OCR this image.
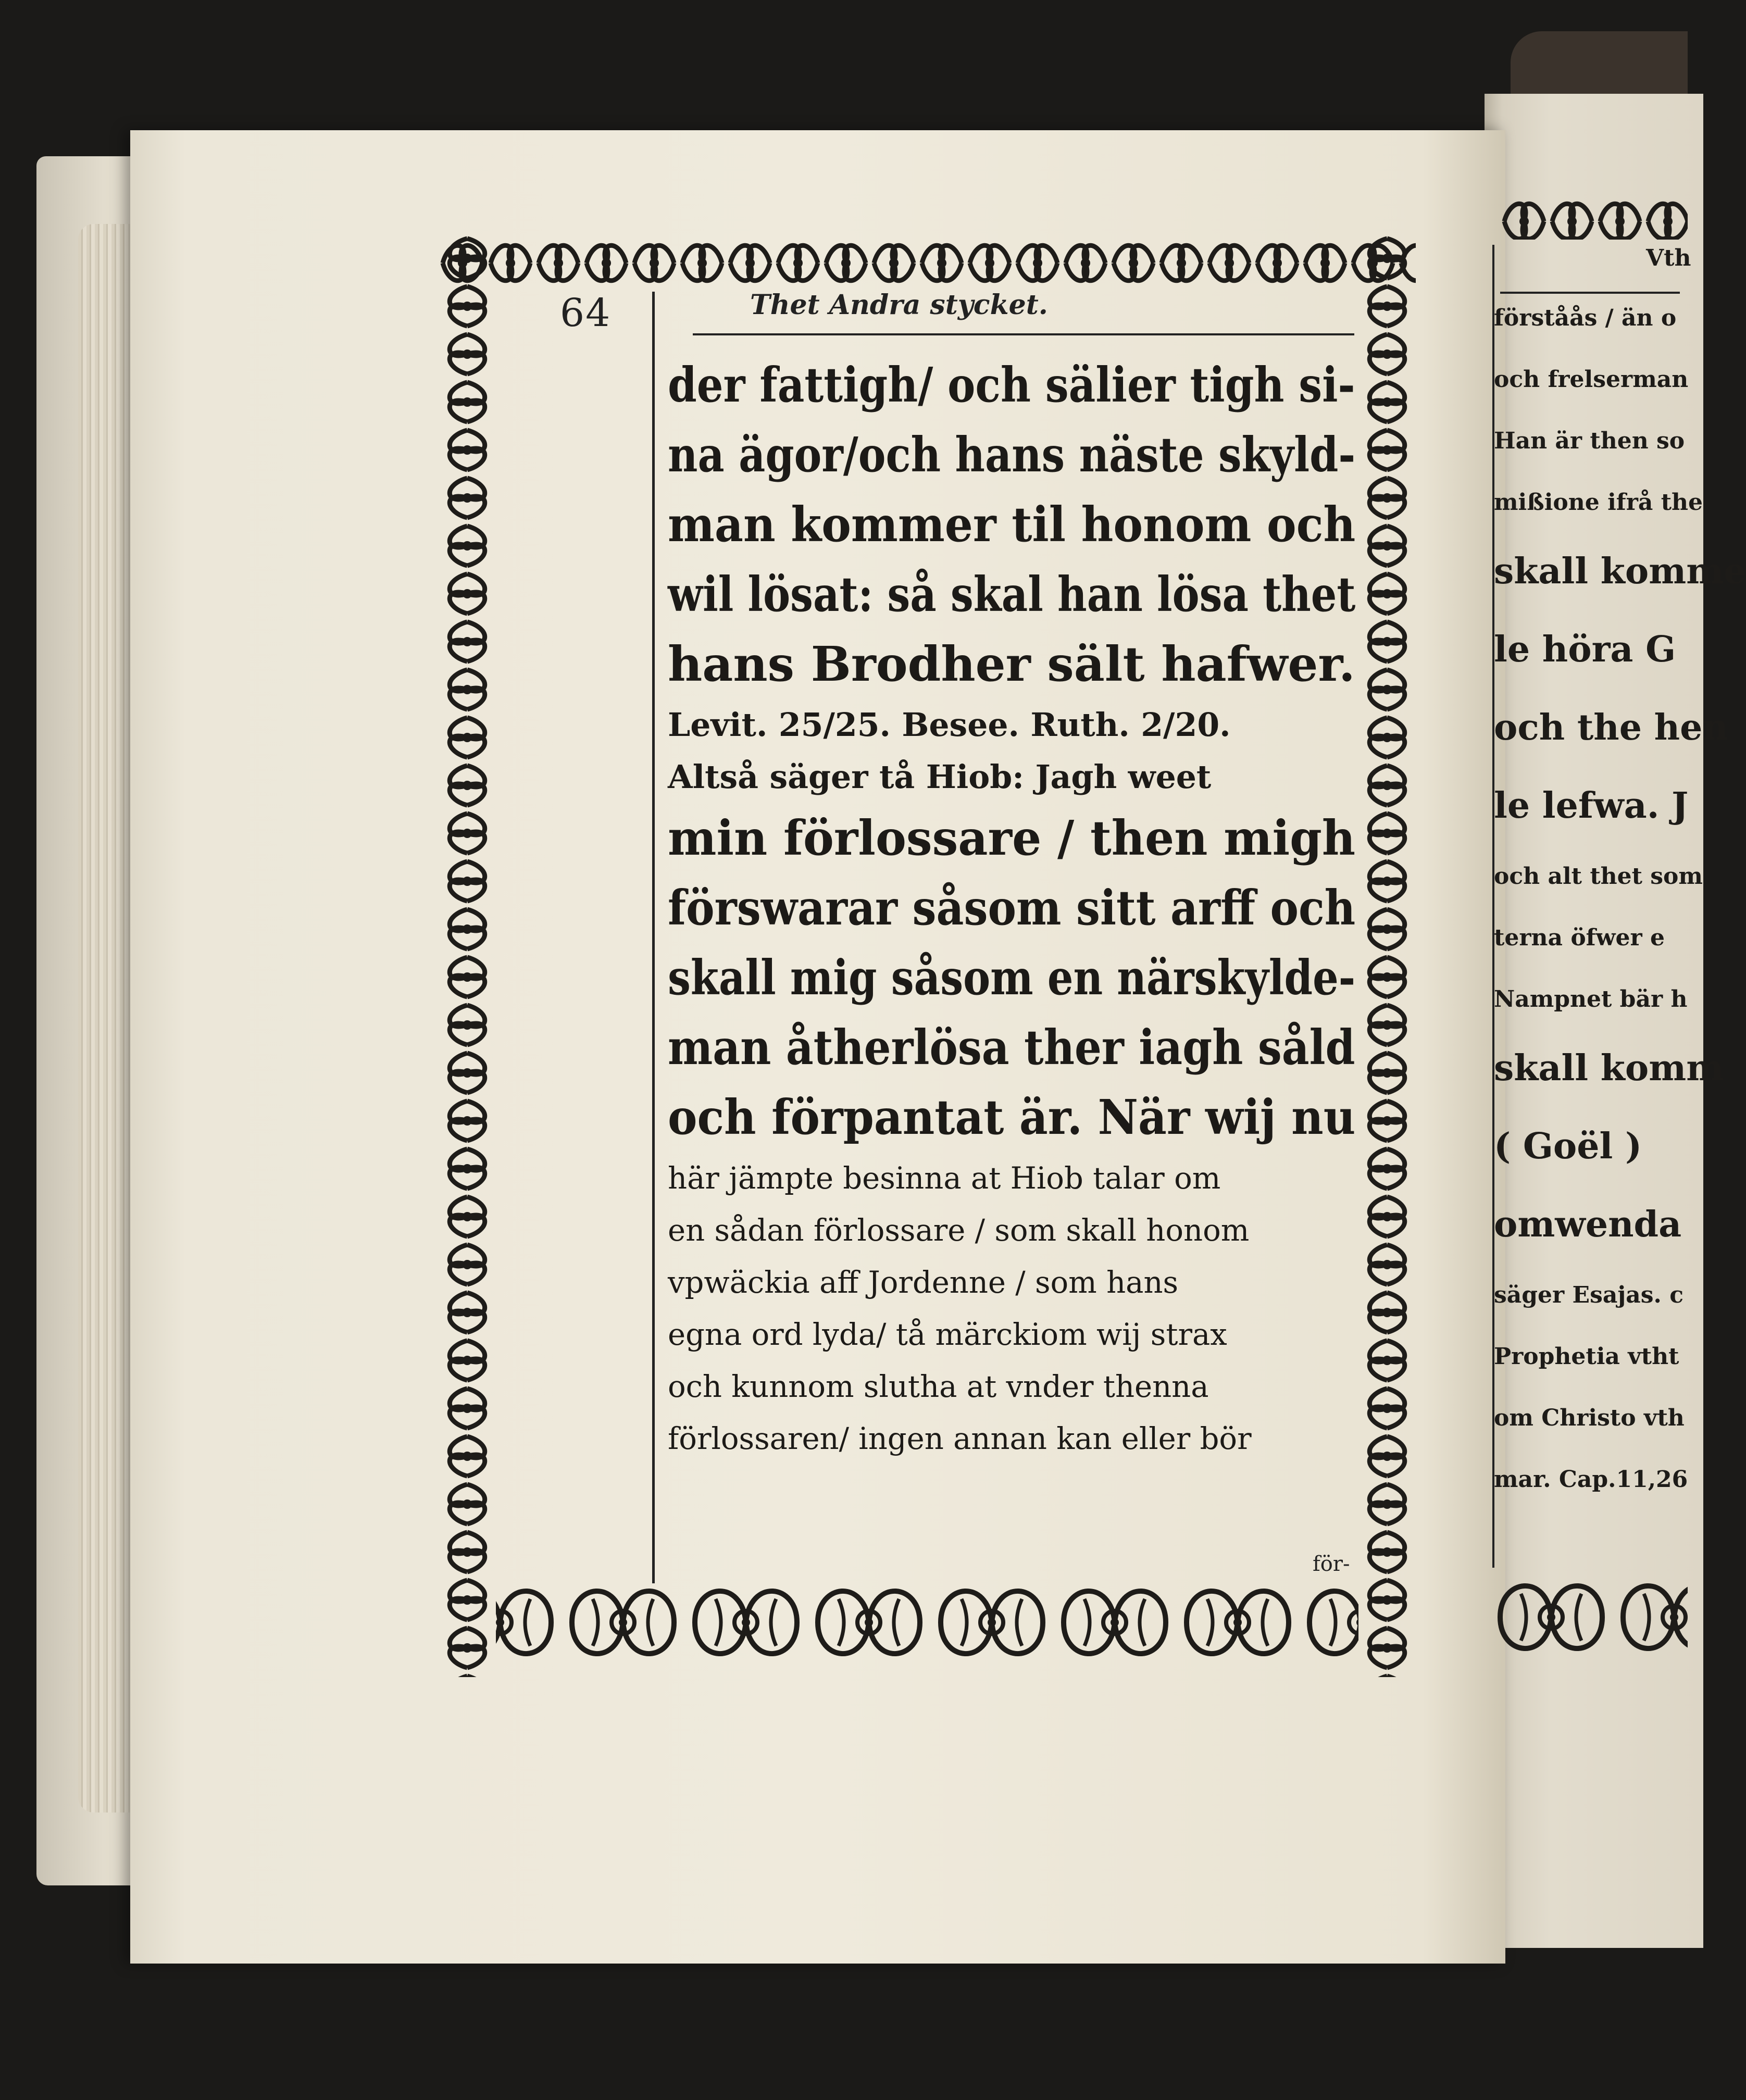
64	Thet Andra stycket.
der fattigh/ och sälier tigh si-
na ägor/och hans näste skyld-
man kommer til honom och
wil lösat: så skal han lösa thet
hans Brodher sält hafwer.
Levit. 25/25. Besee. Ruth. 2/20.
Altså säger tå Hiob: Jagh weet
min förlossare / then migh
förswarar såsom sitt arff och
skall mig såsom en närskylde-
man åtherlösa ther iagh såld
och förpantat är. När wij nu
här jämpte besinna at Hiob talar om
en sådan förlossare / som skall honom
vpwäckia aff Jordenne / som hans
egna ord lyda/ tå märckiom wij strax
och kunnom slutha at vnder thenna
förlossaren/ ingen annan kan eller bör
för-
Vth
förståås / än o
och frelserman
Han är then so
mißione ifrå the
skall komme
le höra G
och the hen
le lefwa. J
och alt thet som
terna öfwer e
Nampnet bär h
skall komm
( Goël )
omwenda
säger Esajas. c
Prophetia vtht
om Christo vth
mar. Cap.11,26
